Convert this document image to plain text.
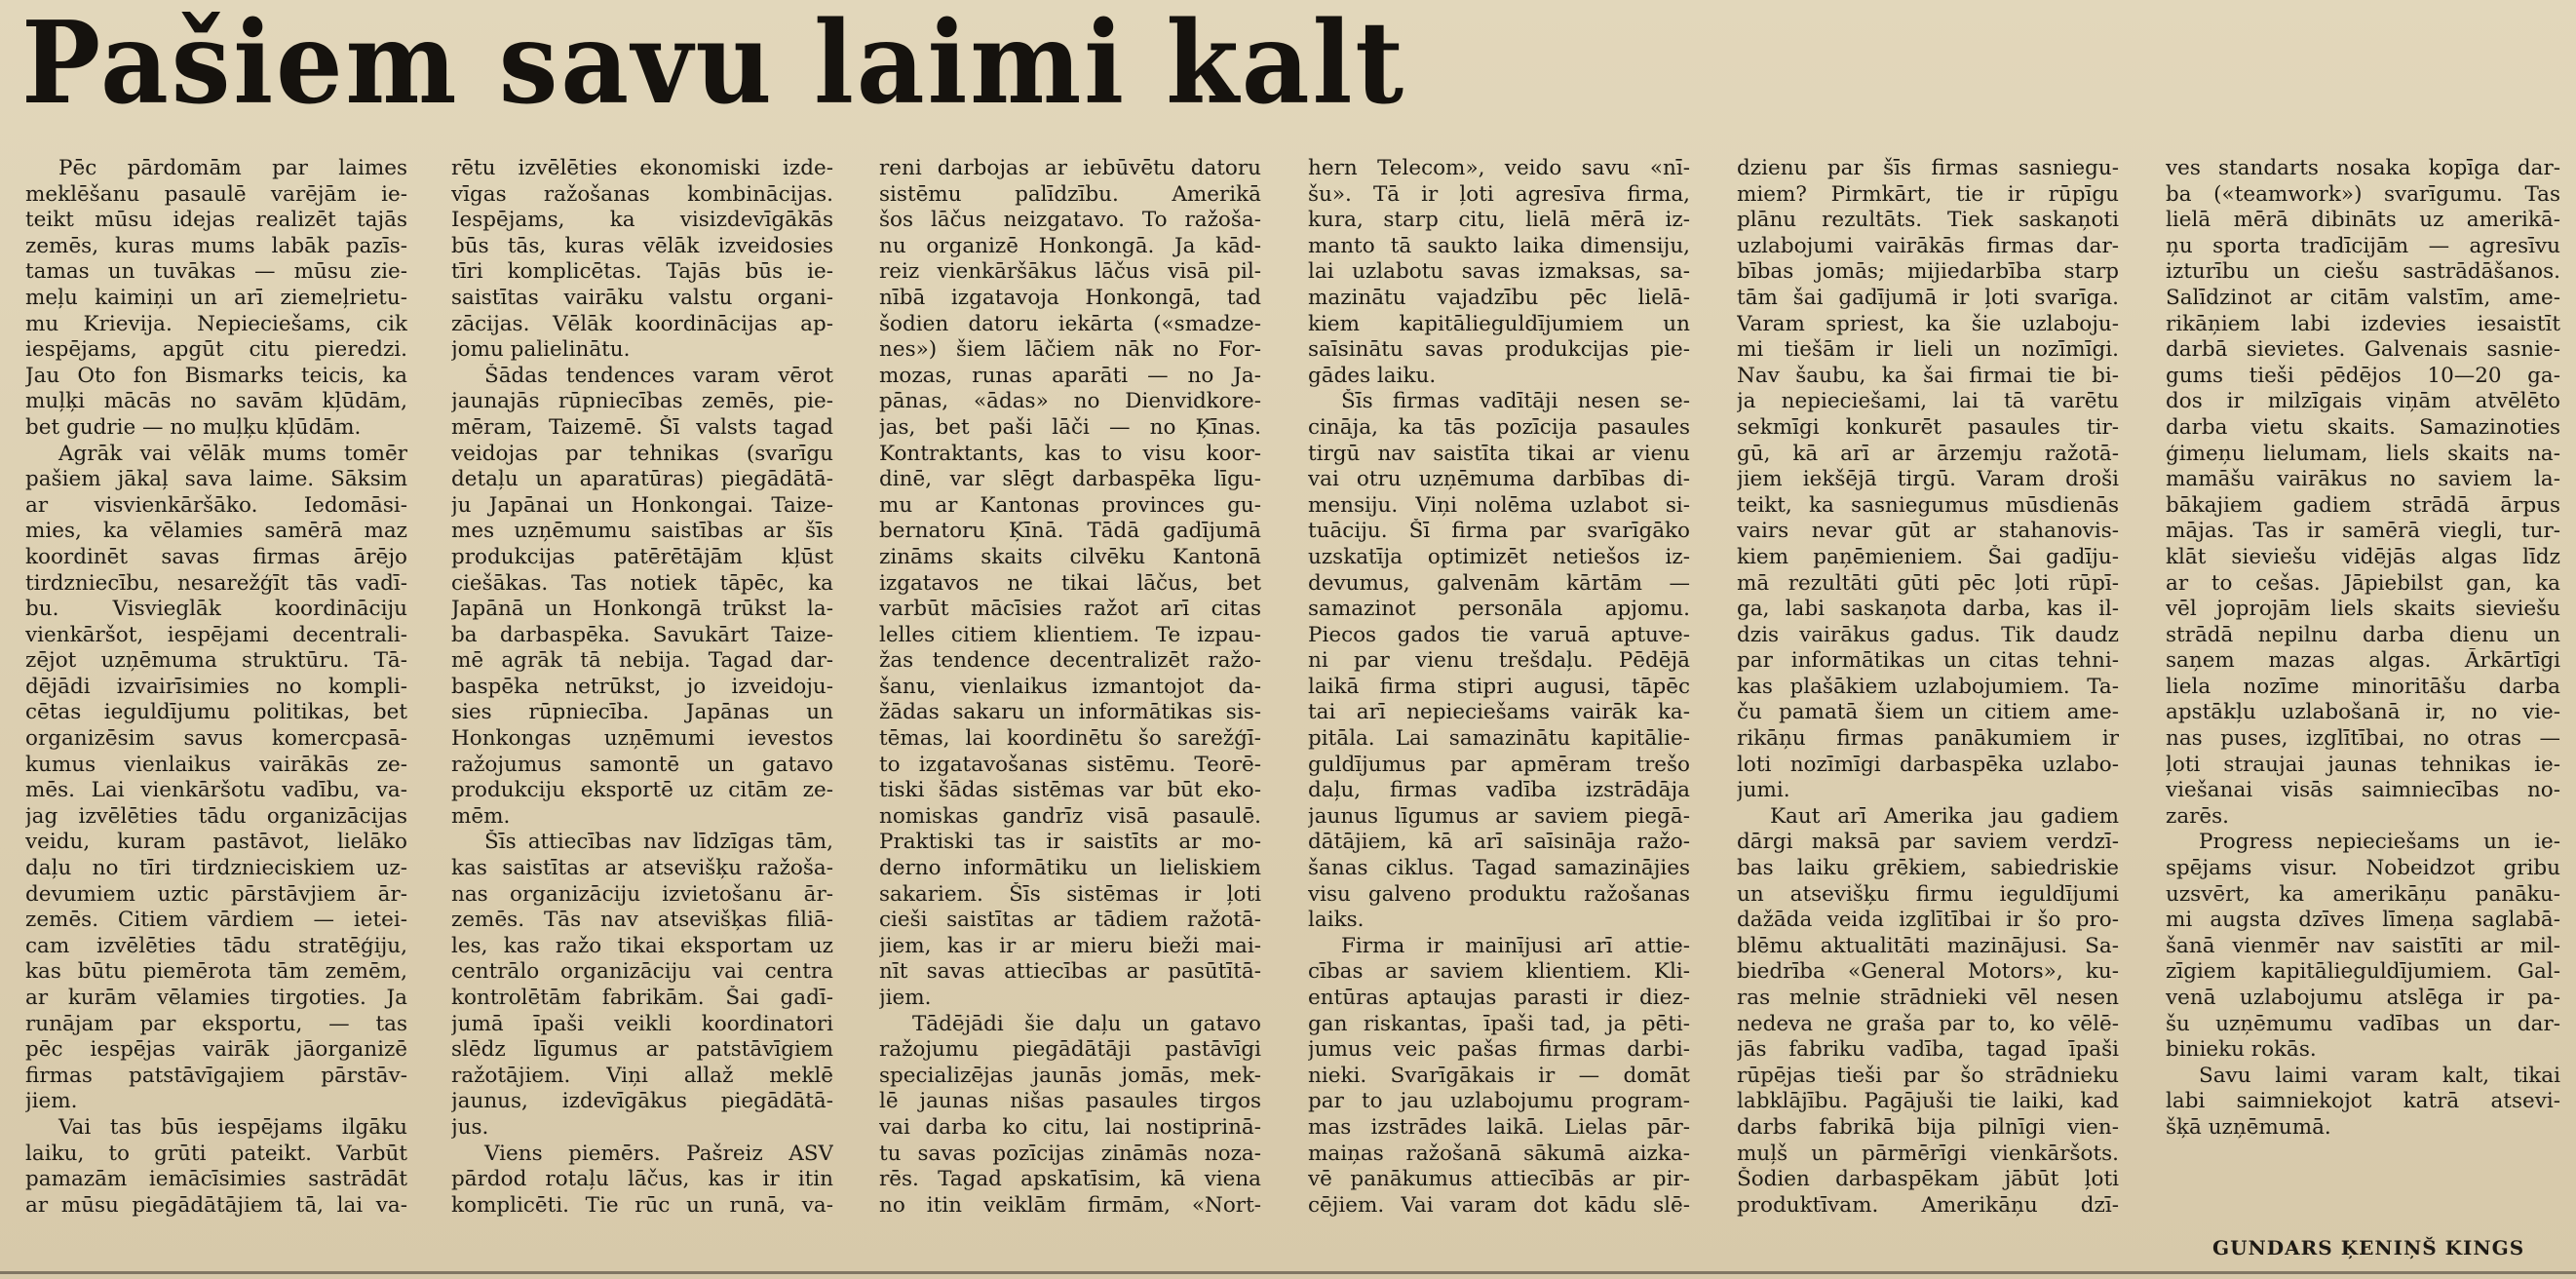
Pašiem savu laimi kalt
Pēc pārdomām par laimes
meklēšanu pasaulē varējām ie-
teikt mūsu idejas realizēt tajās
zemēs, kuras mums labāk pazīs-
tamas un tuvākas — mūsu zie-
meļu kaimiņi un arī ziemeļrietu-
mu Krievija. Nepieciešams, cik
iespējams, apgūt citu pieredzi.
Jau Oto fon Bismarks teicis, ka
muļķi mācās no savām kļūdām,
bet gudrie — no muļķu kļūdām.
Agrāk vai vēlāk mums tomēr
pašiem jākaļ sava laime. Sāksim
ar visvienkāršāko. Iedomāsi-
mies, ka vēlamies samērā maz
koordinēt savas firmas ārējo
tirdzniecību, nesarežģīt tās vadī-
bu. Visvieglāk koordināciju
vienkāršot, iespējami decentrali-
zējot uzņēmuma struktūru. Tā-
dējādi izvairīsimies no kompli-
cētas ieguldījumu politikas, bet
organizēsim savus komercpasā-
kumus vienlaikus vairākās ze-
mēs. Lai vienkāršotu vadību, va-
jag izvēlēties tādu organizācijas
veidu, kuram pastāvot, lielāko
daļu no tīri tirdznieciskiem uz-
devumiem uztic pārstāvjiem ār-
zemēs. Citiem vārdiem — ietei-
cam izvēlēties tādu stratēģiju,
kas būtu piemērota tām zemēm,
ar kurām vēlamies tirgoties. Ja
runājam par eksportu, — tas
pēc iespējas vairāk jāorganizē
firmas patstāvīgajiem pārstāv-
jiem.
Vai tas būs iespējams ilgāku
laiku, to grūti pateikt. Varbūt
pamazām iemācīsimies sastrādāt
ar mūsu piegādātājiem tā, lai va-
rētu izvēlēties ekonomiski izde-
vīgas ražošanas kombinācijas.
Iespējams, ka visizdevīgākās
būs tās, kuras vēlāk izveidosies
tīri komplicētas. Tajās būs ie-
saistītas vairāku valstu organi-
zācijas. Vēlāk koordinācijas ap-
jomu palielinātu.
Šādas tendences varam vērot
jaunajās rūpniecības zemēs, pie-
mēram, Taizemē. Šī valsts tagad
veidojas par tehnikas (svarīgu
detaļu un aparatūras) piegādātā-
ju Japānai un Honkongai. Taize-
mes uzņēmumu saistības ar šīs
produkcijas patērētājām kļūst
ciešākas. Tas notiek tāpēc, ka
Japānā un Honkongā trūkst la-
ba darbaspēka. Savukārt Taize-
mē agrāk tā nebija. Tagad dar-
baspēka netrūkst, jo izveidoju-
sies rūpniecība. Japānas un
Honkongas uzņēmumi ievestos
ražojumus samontē un gatavo
produkciju eksportē uz citām ze-
mēm.
Šīs attiecības nav līdzīgas tām,
kas saistītas ar atsevišķu ražoša-
nas organizāciju izvietošanu ār-
zemēs. Tās nav atsevišķas filiā-
les, kas ražo tikai eksportam uz
centrālo organizāciju vai centra
kontrolētām fabrikām. Šai gadī-
jumā īpaši veikli koordinatori
slēdz līgumus ar patstāvīgiem
ražotājiem. Viņi allaž meklē
jaunus, izdevīgākus piegādātā-
jus.
Viens piemērs. Pašreiz ASV
pārdod rotaļu lāčus, kas ir itin
komplicēti. Tie rūc un runā, va-
reni darbojas ar iebūvētu datoru
sistēmu palīdzību. Amerikā
šos lāčus neizgatavo. To ražoša-
nu organizē Honkongā. Ja kād-
reiz vienkāršākus lāčus visā pil-
nībā izgatavoja Honkongā, tad
šodien datoru iekārta («smadze-
nes») šiem lāčiem nāk no For-
mozas, runas aparāti — no Ja-
pānas, «ādas» no Dienvidkore-
jas, bet paši lāči — no Ķīnas.
Kontraktants, kas to visu koor-
dinē, var slēgt darbaspēka līgu-
mu ar Kantonas provinces gu-
bernatoru Ķīnā. Tādā gadījumā
zināms skaits cilvēku Kantonā
izgatavos ne tikai lāčus, bet
varbūt mācīsies ražot arī citas
lelles citiem klientiem. Te izpau-
žas tendence decentralizēt ražo-
šanu, vienlaikus izmantojot da-
žādas sakaru un informātikas sis-
tēmas, lai koordinētu šo sarežģī-
to izgatavošanas sistēmu. Teorē-
tiski šādas sistēmas var būt eko-
nomiskas gandrīz visā pasaulē.
Praktiski tas ir saistīts ar mo-
derno informātiku un lieliskiem
sakariem. Šīs sistēmas ir ļoti
cieši saistītas ar tādiem ražotā-
jiem, kas ir ar mieru bieži mai-
nīt savas attiecības ar pasūtītā-
jiem.
Tādējādi šie daļu un gatavo
ražojumu piegādātāji pastāvīgi
specializējas jaunās jomās, mek-
lē jaunas nišas pasaules tirgos
vai darba ko citu, lai nostiprinā-
tu savas pozīcijas zināmās noza-
rēs. Tagad apskatīsim, kā viena
no itin veiklām firmām, «Nort-
hern Telecom», veido savu «nī-
šu». Tā ir ļoti agresīva firma,
kura, starp citu, lielā mērā iz-
manto tā saukto laika dimensiju,
lai uzlabotu savas izmaksas, sa-
mazinātu vajadzību pēc lielā-
kiem kapitālieguldījumiem un
saīsinātu savas produkcijas pie-
gādes laiku.
Šīs firmas vadītāji nesen se-
cināja, ka tās pozīcija pasaules
tirgū nav saistīta tikai ar vienu
vai otru uzņēmuma darbības di-
mensiju. Viņi nolēma uzlabot si-
tuāciju. Šī firma par svarīgāko
uzskatīja optimizēt netiešos iz-
devumus, galvenām kārtām —
samazinot personāla apjomu.
Piecos gados tie varuā aptuve-
ni par vienu trešdaļu. Pēdējā
laikā firma stipri augusi, tāpēc
tai arī nepieciešams vairāk ka-
pitāla. Lai samazinātu kapitālie-
guldījumus par apmēram trešo
daļu, firmas vadība izstrādāja
jaunus līgumus ar saviem piegā-
dātājiem, kā arī saīsināja ražo-
šanas ciklus. Tagad samazinājies
visu galveno produktu ražošanas
laiks.
Firma ir mainījusi arī attie-
cības ar saviem klientiem. Kli-
entūras aptaujas parasti ir diez-
gan riskantas, īpaši tad, ja pēti-
jumus veic pašas firmas darbi-
nieki. Svarīgākais ir — domāt
par to jau uzlabojumu program-
mas izstrādes laikā. Lielas pār-
maiņas ražošanā sākumā aizka-
vē panākumus attiecībās ar pir-
cējiem. Vai varam dot kādu slē-
dzienu par šīs firmas sasniegu-
miem? Pirmkārt, tie ir rūpīgu
plānu rezultāts. Tiek saskaņoti
uzlabojumi vairākās firmas dar-
bības jomās; mijiedarbība starp
tām šai gadījumā ir ļoti svarīga.
Varam spriest, ka šie uzlaboju-
mi tiešām ir lieli un nozīmīgi.
Nav šaubu, ka šai firmai tie bi-
ja nepieciešami, lai tā varētu
sekmīgi konkurēt pasaules tir-
gū, kā arī ar ārzemju ražotā-
jiem iekšējā tirgū. Varam droši
teikt, ka sasniegumus mūsdienās
vairs nevar gūt ar stahanovis-
kiem paņēmieniem. Šai gadīju-
mā rezultāti gūti pēc ļoti rūpī-
ga, labi saskaņota darba, kas il-
dzis vairākus gadus. Tik daudz
par informātikas un citas tehni-
kas plašākiem uzlabojumiem. Ta-
ču pamatā šiem un citiem ame-
rikāņu firmas panākumiem ir
loti nozīmīgi darbaspēka uzlabo-
jumi.
Kaut arī Amerika jau gadiem
dārgi maksā par saviem verdzī-
bas laiku grēkiem, sabiedriskie
un atsevišķu firmu ieguldījumi
dažāda veida izglītībai ir šo pro-
blēmu aktualitāti mazinājusi. Sa-
biedrība «General Motors», ku-
ras melnie strādnieki vēl nesen
nedeva ne graša par to, ko vēlē-
jās fabriku vadība, tagad īpaši
rūpējas tieši par šo strādnieku
labklājību. Pagājuši tie laiki, kad
darbs fabrikā bija pilnīgi vien-
muļš un pārmērīgi vienkāršots.
Šodien darbaspēkam jābūt ļoti
produktīvam. Amerikāņu dzī-
ves standarts nosaka kopīga dar-
ba («teamwork») svarīgumu. Tas
lielā mērā dibināts uz amerikā-
ņu sporta tradīcijām — agresīvu
izturību un ciešu sastrādāšanos.
Salīdzinot ar citām valstīm, ame-
rikāņiem labi izdevies iesaistīt
darbā sievietes. Galvenais sasnie-
gums tieši pēdējos 10—20 ga-
dos ir milzīgais viņām atvēlēto
darba vietu skaits. Samazinoties
ģimeņu lielumam, liels skaits na-
mamāšu vairākus no saviem la-
bākajiem gadiem strādā ārpus
mājas. Tas ir samērā viegli, tur-
klāt sieviešu vidējās algas līdz
ar to cešas. Jāpiebilst gan, ka
vēl joprojām liels skaits sieviešu
strādā nepilnu darba dienu un
saņem mazas algas. Ārkārtīgi
liela nozīme minoritāšu darba
apstākļu uzlabošanā ir, no vie-
nas puses, izglītībai, no otras —
ļoti straujai jaunas tehnikas ie-
viešanai visās saimniecības no-
zarēs.
Progress nepieciešams un ie-
spējams visur. Nobeidzot gribu
uzsvērt, ka amerikāņu panāku-
mi augsta dzīves līmeņa saglabā-
šanā vienmēr nav saistīti ar mil-
zīgiem kapitālieguldījumiem. Gal-
venā uzlabojumu atslēga ir pa-
šu uzņēmumu vadības un dar-
binieku rokās.
Savu laimi varam kalt, tikai
labi saimniekojot katrā atsevi-
šķā uzņēmumā.
GUNDARS ĶENIŅŠ KINGS
